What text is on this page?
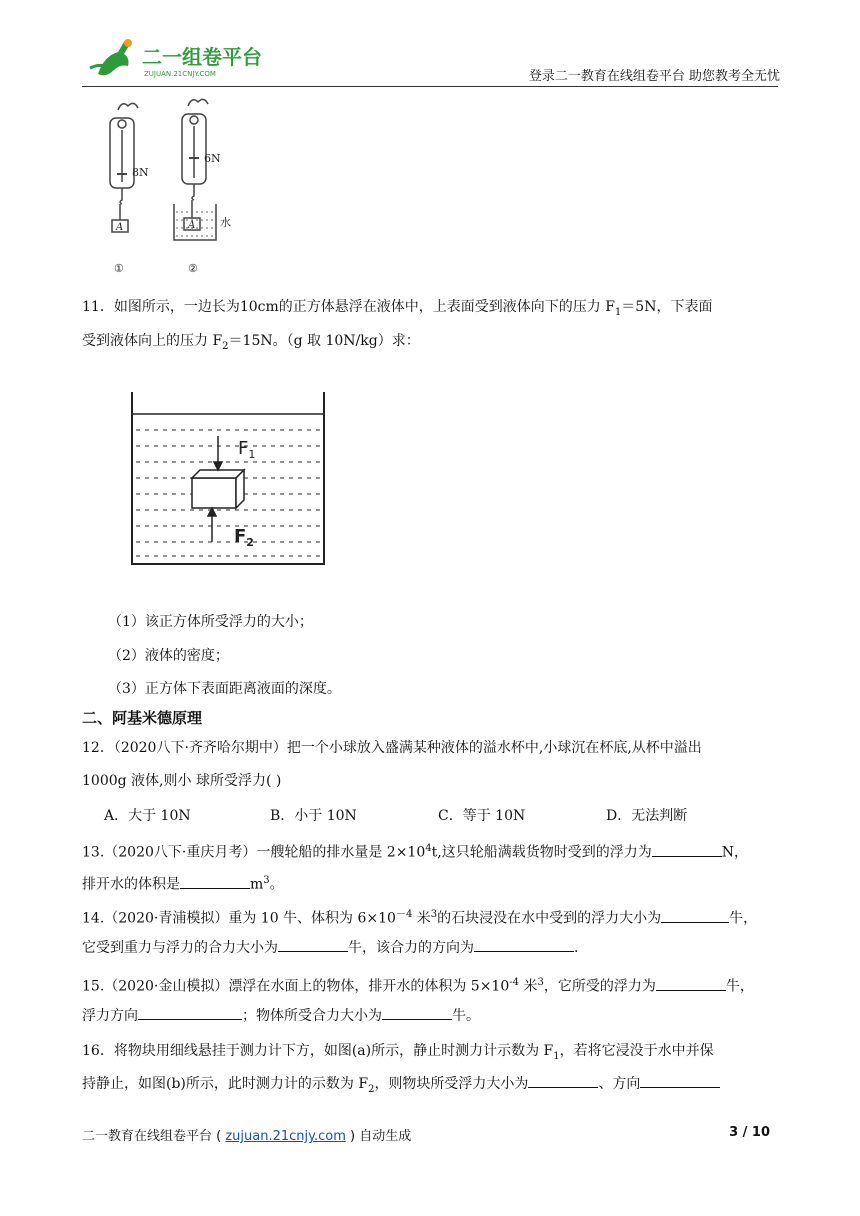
二一组卷平台
ZUJUAN.21CNJY.COM	登录二一教育在线组卷平台 助您教考全无忧
8N
6N
A	A 水
①	②
11．如图所示，一边长为10cm的正方体悬浮在液体中，上表面受到液体向下的压力 $F_1=5N$，下表面
受到液体向上的压力 $F_2=15N$。（g 取 10N/kg）求：
$F_1$
$F_2$
（1）该正方体所受浮力的大小；
（2）液体的密度；
（3）正方体下表面距离液面的深度。
二、阿基米德原理
12．（2020八下·齐齐哈尔期中）把一个小球放入盛满某种液体的溢水杯中,小球沉在杯底,从杯中溢出
1000g 液体,则小 球所受浮力( )
A．大于 10N	B．小于 10N	C．等于 10N	D．无法判断
13.（2020八下·重庆月考）一艘轮船的排水量是 $2\times 10^4t$,这只轮船满载货物时受到的浮力为	N，
排开水的体积是	$m^3$。
14.（2020·青浦模拟）重为 10 牛、体积为 $6\times 10^{-4}$ 米$^3$的石块浸没在水中受到的浮力大小为	牛，
它受到重力与浮力的合力大小为	牛，该合力的方向为	.
15.（2020·金山模拟）漂浮在水面上的物体，排开水的体积为 $5\times 10^{-4}$ 米$^3$，它所受的浮力为	牛，
浮力方向	；物体所受合力大小为	牛。
16．将物块用细线悬挂于测力计下方，如图(a)所示，静止时测力计示数为 $F_1$，若将它浸没于水中并保
持静止，如图(b)所示，此时测力计的示数为 $F_2$，则物块所受浮力大小为	、方向
二一教育在线组卷平台 ( zujuan.21cnjy.com ) 自动生成	3 / 10
